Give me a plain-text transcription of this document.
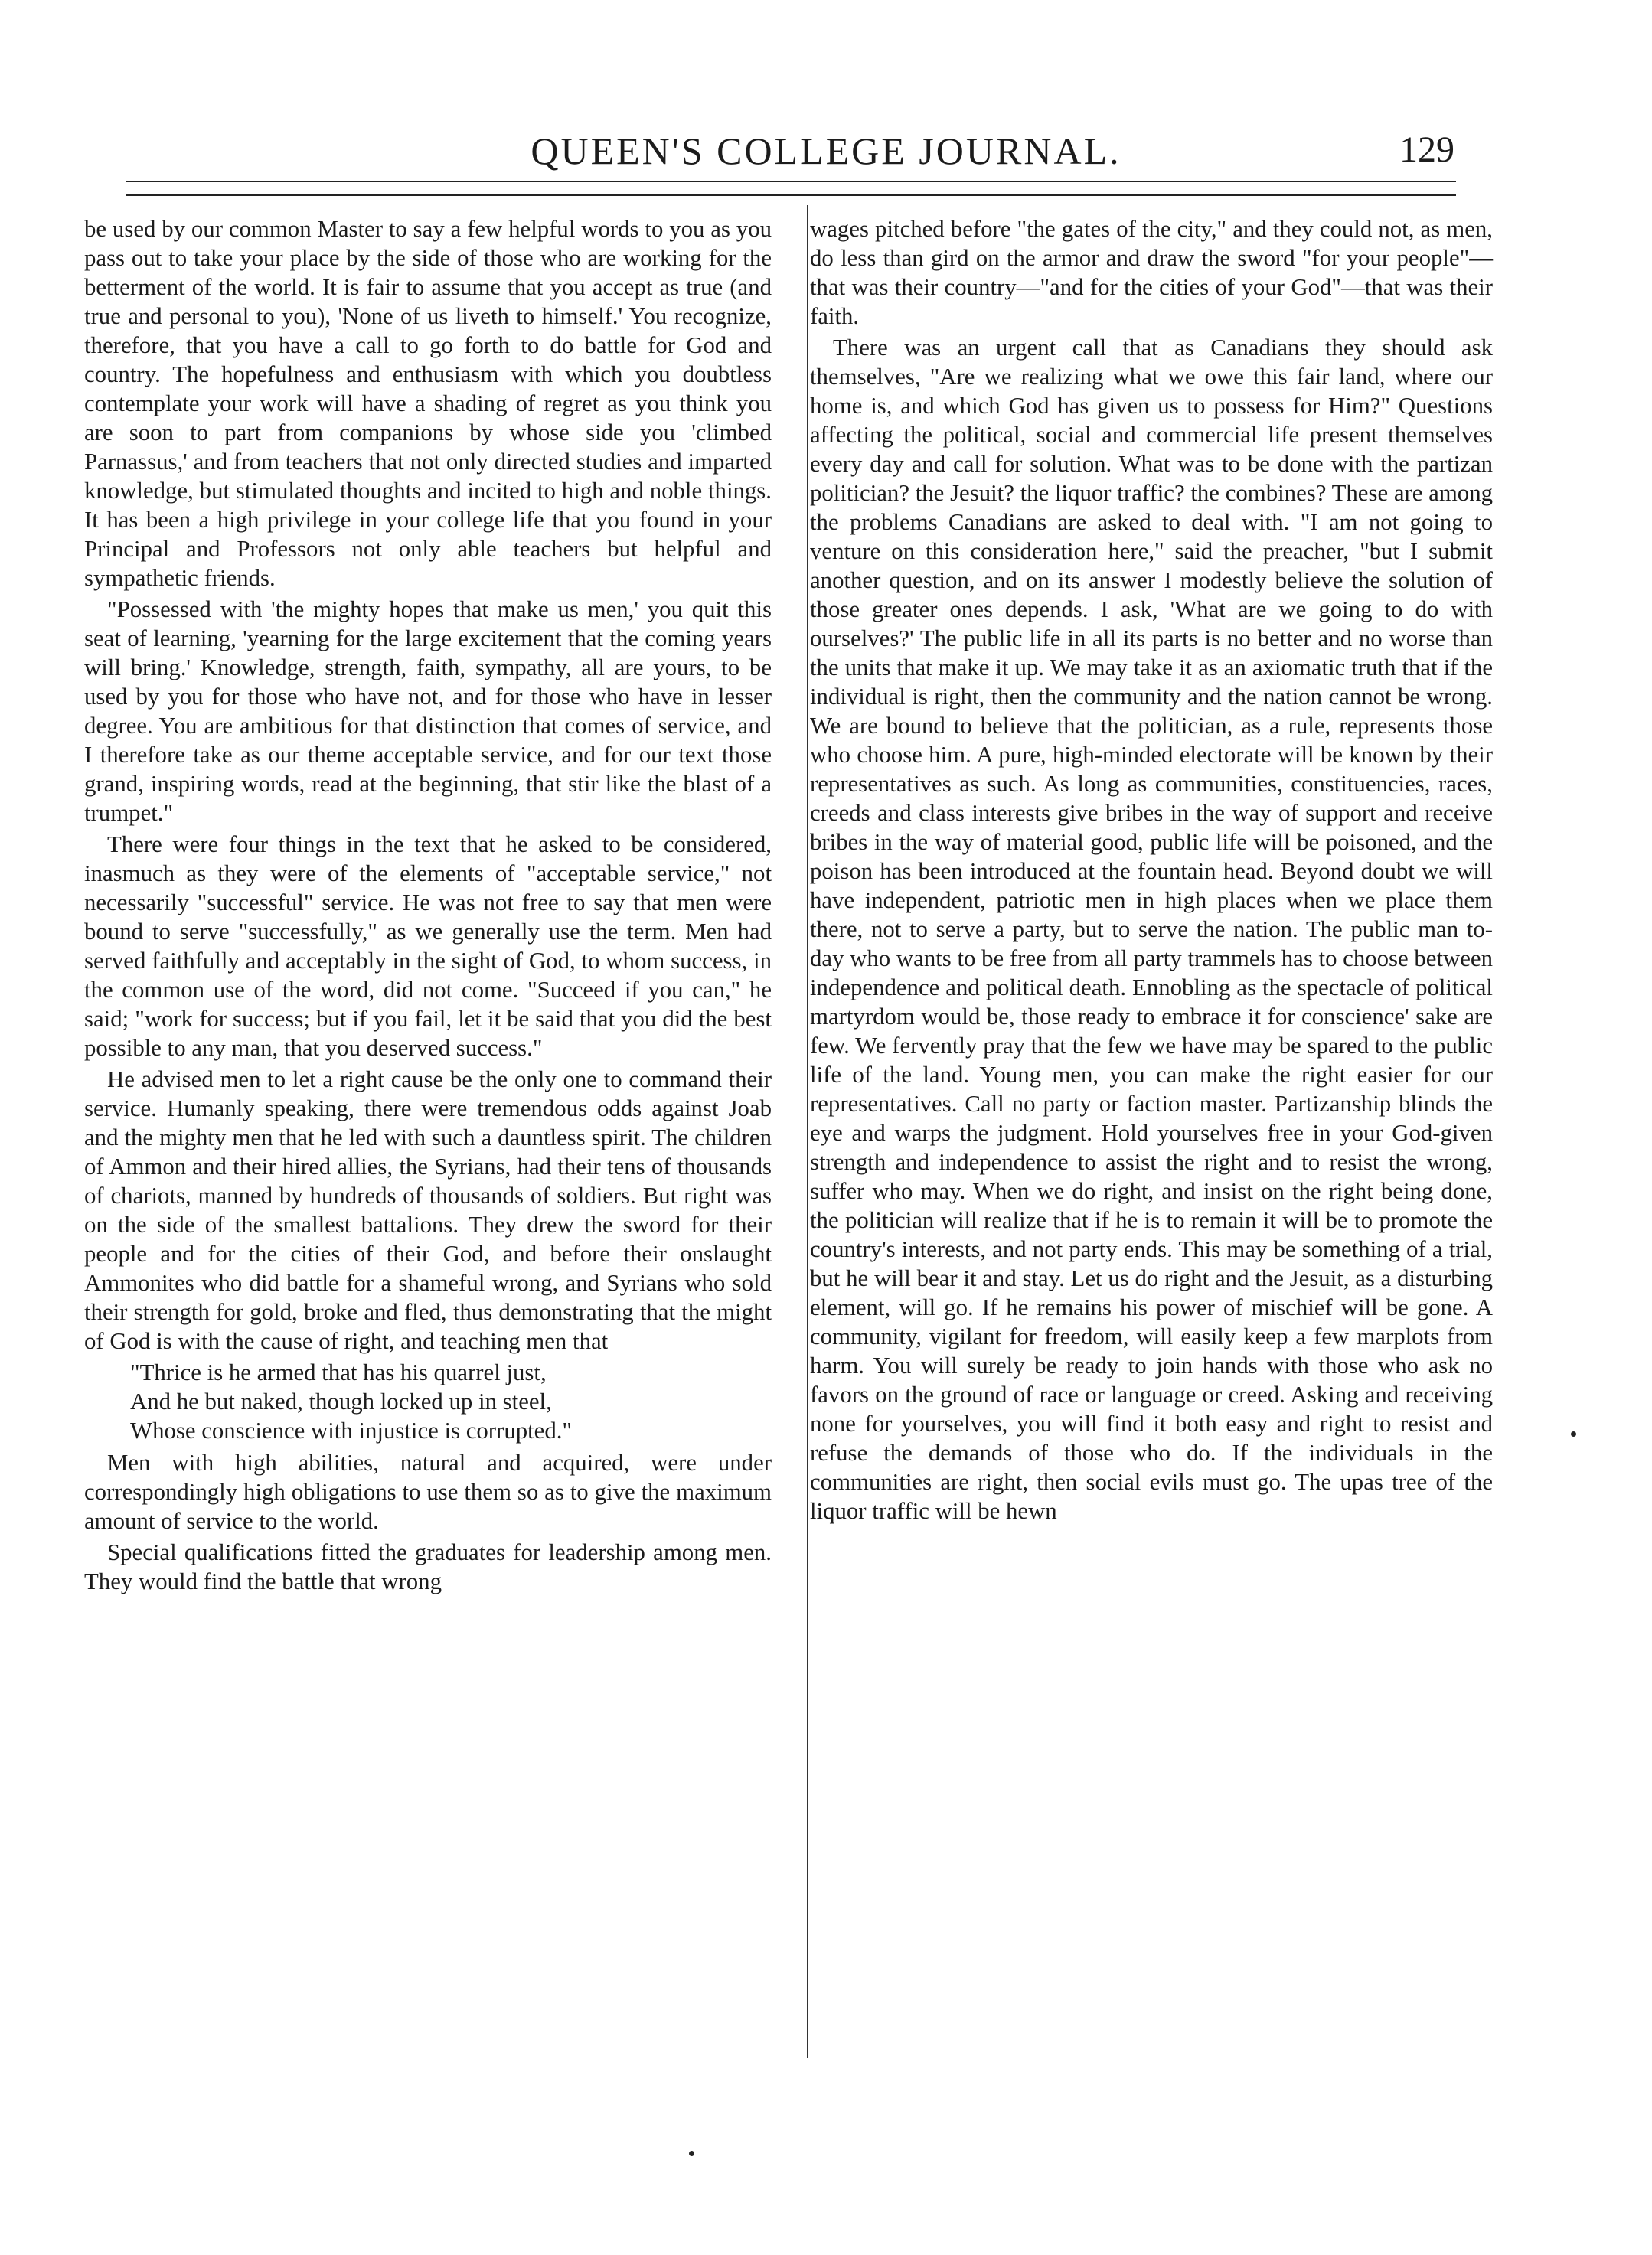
QUEEN'S COLLEGE JOURNAL.	129

be used by our common Master to say a few helpful words to you as you pass out to take your place by the side of those who are working for the betterment of the world. It is fair to assume that you accept as true (and true and personal to you), 'None of us liveth to himself.' You recognize, therefore, that you have a call to go forth to do battle for God and country. The hopefulness and enthusiasm with which you doubtless contemplate your work will have a shading of regret as you think you are soon to part from companions by whose side you 'climbed Parnassus,' and from teachers that not only directed studies and imparted knowledge, but stimulated thoughts and incited to high and noble things. It has been a high privilege in your college life that you found in your Principal and Professors not only able teachers but helpful and sympathetic friends.

"Possessed with 'the mighty hopes that make us men,' you quit this seat of learning, 'yearning for the large excitement that the coming years will bring.' Knowledge, strength, faith, sympathy, all are yours, to be used by you for those who have not, and for those who have in lesser degree. You are ambitious for that distinction that comes of service, and I therefore take as our theme acceptable service, and for our text those grand, inspiring words, read at the beginning, that stir like the blast of a trumpet."

There were four things in the text that he asked to be considered, inasmuch as they were of the elements of "acceptable service," not necessarily "successful" service. He was not free to say that men were bound to serve "successfully," as we generally use the term. Men had served faithfully and acceptably in the sight of God, to whom success, in the common use of the word, did not come. "Succeed if you can," he said; "work for success; but if you fail, let it be said that you did the best possible to any man, that you deserved success."

He advised men to let a right cause be the only one to command their service. Humanly speaking, there were tremendous odds against Joab and the mighty men that he led with such a dauntless spirit. The children of Ammon and their hired allies, the Syrians, had their tens of thousands of chariots, manned by hundreds of thousands of soldiers. But right was on the side of the smallest battalions. They drew the sword for their people and for the cities of their God, and before their onslaught Ammonites who did battle for a shameful wrong, and Syrians who sold their strength for gold, broke and fled, thus demonstrating that the might of God is with the cause of right, and teaching men that

"Thrice is he armed that has his quarrel just,
And he but naked, though locked up in steel,
Whose conscience with injustice is corrupted."

Men with high abilities, natural and acquired, were under correspondingly high obligations to use them so as to give the maximum amount of service to the world.

Special qualifications fitted the graduates for leadership among men. They would find the battle that wrong

wages pitched before "the gates of the city," and they could not, as men, do less than gird on the armor and draw the sword "for your people"—that was their country—"and for the cities of your God"—that was their faith.

There was an urgent call that as Canadians they should ask themselves, "Are we realizing what we owe this fair land, where our home is, and which God has given us to possess for Him?" Questions affecting the political, social and commercial life present themselves every day and call for solution. What was to be done with the partizan politician? the Jesuit? the liquor traffic? the combines? These are among the problems Canadians are asked to deal with. "I am not going to venture on this consideration here," said the preacher, "but I submit another question, and on its answer I modestly believe the solution of those greater ones depends. I ask, 'What are we going to do with ourselves?' The public life in all its parts is no better and no worse than the units that make it up. We may take it as an axiomatic truth that if the individual is right, then the community and the nation cannot be wrong. We are bound to believe that the politician, as a rule, represents those who choose him. A pure, high-minded electorate will be known by their representatives as such. As long as communities, constituencies, races, creeds and class interests give bribes in the way of support and receive bribes in the way of material good, public life will be poisoned, and the poison has been introduced at the fountain head. Beyond doubt we will have independent, patriotic men in high places when we place them there, not to serve a party, but to serve the nation. The public man to-day who wants to be free from all party trammels has to choose between independence and political death. Ennobling as the spectacle of political martyrdom would be, those ready to embrace it for conscience' sake are few. We fervently pray that the few we have may be spared to the public life of the land. Young men, you can make the right easier for our representatives. Call no party or faction master. Partizanship blinds the eye and warps the judgment. Hold yourselves free in your God-given strength and independence to assist the right and to resist the wrong, suffer who may. When we do right, and insist on the right being done, the politician will realize that if he is to remain it will be to promote the country's interests, and not party ends. This may be something of a trial, but he will bear it and stay. Let us do right and the Jesuit, as a disturbing element, will go. If he remains his power of mischief will be gone. A community, vigilant for freedom, will easily keep a few marplots from harm. You will surely be ready to join hands with those who ask no favors on the ground of race or language or creed. Asking and receiving none for yourselves, you will find it both easy and right to resist and refuse the demands of those who do. If the individuals in the communities are right, then social evils must go. The upas tree of the liquor traffic will be hewn
